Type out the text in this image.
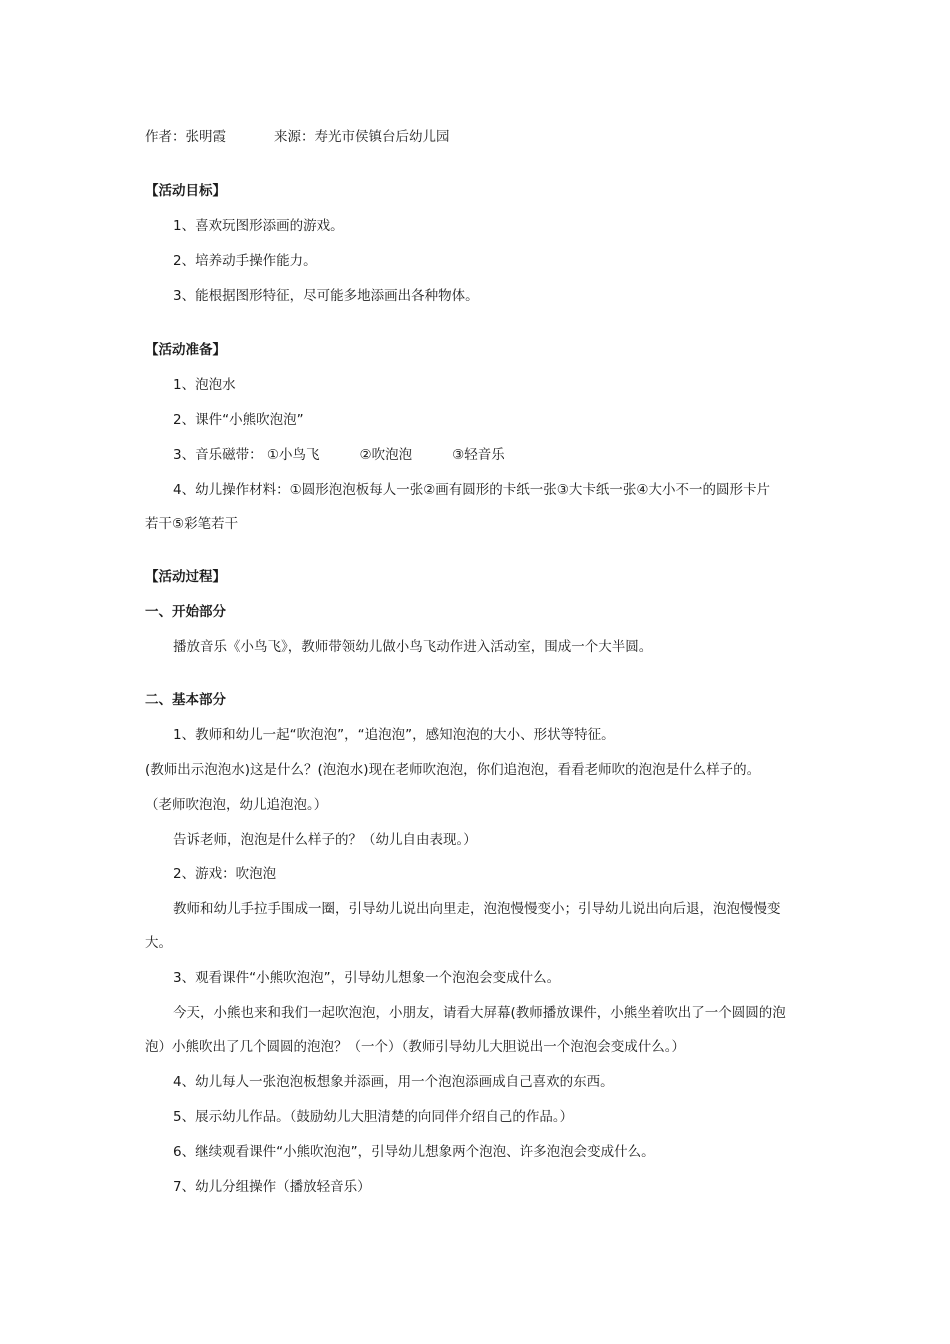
作者：张明霞	来源：寿光市侯镇台后幼儿园
【活动目标】
1、喜欢玩图形添画的游戏。
2、培养动手操作能力。
3、能根据图形特征，尽可能多地添画出各种物体。
【活动准备】
1、泡泡水
2、课件“小熊吹泡泡”
3、音乐磁带： ①小鸟飞	②吹泡泡	③轻音乐
4、幼儿操作材料：①圆形泡泡板每人一张②画有圆形的卡纸一张③大卡纸一张④大小不一的圆形卡片
若干⑤彩笔若干
【活动过程】
一、开始部分
播放音乐《小鸟飞》，教师带领幼儿做小鸟飞动作进入活动室，围成一个大半圆。
二、基本部分
1、教师和幼儿一起“吹泡泡”，“追泡泡”，感知泡泡的大小、形状等特征。
(教师出示泡泡水)这是什么？(泡泡水)现在老师吹泡泡，你们追泡泡，看看老师吹的泡泡是什么样子的。
（老师吹泡泡，幼儿追泡泡。）
告诉老师，泡泡是什么样子的？（幼儿自由表现。）
2、游戏：吹泡泡
教师和幼儿手拉手围成一圈，引导幼儿说出向里走，泡泡慢慢变小；引导幼儿说出向后退，泡泡慢慢变
大。
3、观看课件“小熊吹泡泡”，引导幼儿想象一个泡泡会变成什么。
今天，小熊也来和我们一起吹泡泡，小朋友，请看大屏幕(教师播放课件，小熊坐着吹出了一个圆圆的泡
泡）小熊吹出了几个圆圆的泡泡？（一个）（教师引导幼儿大胆说出一个泡泡会变成什么。）
4、幼儿每人一张泡泡板想象并添画，用一个泡泡添画成自己喜欢的东西。
5、展示幼儿作品。（鼓励幼儿大胆清楚的向同伴介绍自己的作品。）
6、继续观看课件“小熊吹泡泡”，引导幼儿想象两个泡泡、许多泡泡会变成什么。
7、幼儿分组操作（播放轻音乐）
